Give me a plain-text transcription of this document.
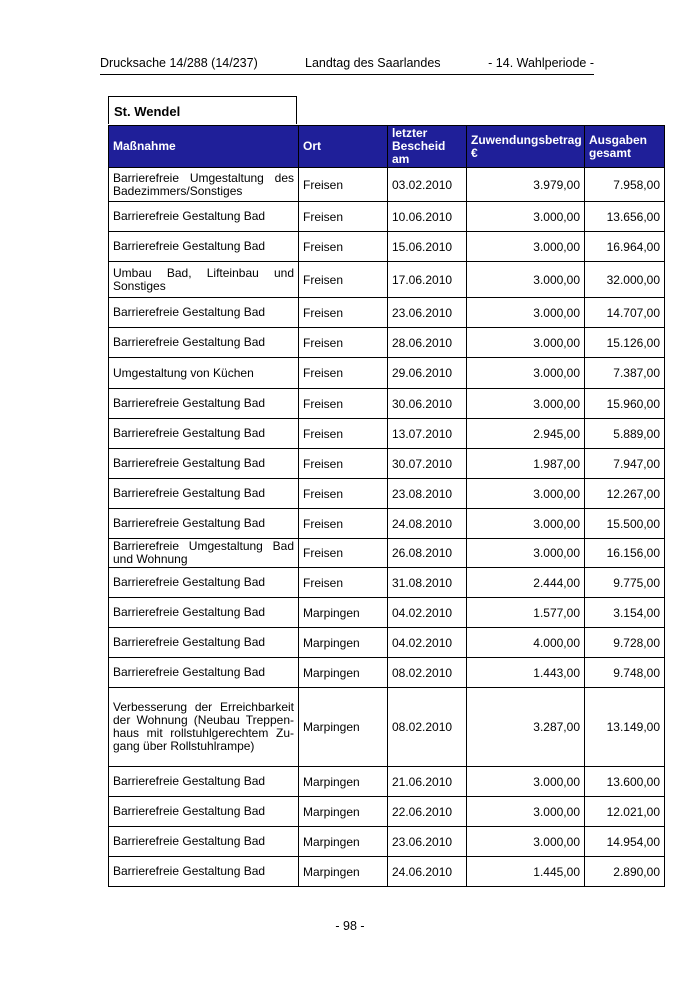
Drucksache 14/288 (14/237)	Landtag des Saarlandes	- 14. Wahlperiode -
St. Wendel
Maßnahme	Ort	letzter Bescheid am	Zuwendungsbetrag €	Ausgaben gesamt
Barrierefreie Umgestaltung des Badezimmers/Sonstiges	Freisen	03.02.2010	3.979,00	7.958,00
Barrierefreie Gestaltung Bad	Freisen	10.06.2010	3.000,00	13.656,00
Barrierefreie Gestaltung Bad	Freisen	15.06.2010	3.000,00	16.964,00
Umbau Bad, Lifteinbau und Sonstiges	Freisen	17.06.2010	3.000,00	32.000,00
Barrierefreie Gestaltung Bad	Freisen	23.06.2010	3.000,00	14.707,00
Barrierefreie Gestaltung Bad	Freisen	28.06.2010	3.000,00	15.126,00
Umgestaltung von Küchen	Freisen	29.06.2010	3.000,00	7.387,00
Barrierefreie Gestaltung Bad	Freisen	30.06.2010	3.000,00	15.960,00
Barrierefreie Gestaltung Bad	Freisen	13.07.2010	2.945,00	5.889,00
Barrierefreie Gestaltung Bad	Freisen	30.07.2010	1.987,00	7.947,00
Barrierefreie Gestaltung Bad	Freisen	23.08.2010	3.000,00	12.267,00
Barrierefreie Gestaltung Bad	Freisen	24.08.2010	3.000,00	15.500,00
Barrierefreie Umgestaltung Bad und Wohnung	Freisen	26.08.2010	3.000,00	16.156,00
Barrierefreie Gestaltung Bad	Freisen	31.08.2010	2.444,00	9.775,00
Barrierefreie Gestaltung Bad	Marpingen	04.02.2010	1.577,00	3.154,00
Barrierefreie Gestaltung Bad	Marpingen	04.02.2010	4.000,00	9.728,00
Barrierefreie Gestaltung Bad	Marpingen	08.02.2010	1.443,00	9.748,00
Verbesserung der Erreichbarkeit der Wohnung (Neubau Treppen-haus mit rollstuhlgerechtem Zu-gang über Rollstuhlrampe)	Marpingen	08.02.2010	3.287,00	13.149,00
Barrierefreie Gestaltung Bad	Marpingen	21.06.2010	3.000,00	13.600,00
Barrierefreie Gestaltung Bad	Marpingen	22.06.2010	3.000,00	12.021,00
Barrierefreie Gestaltung Bad	Marpingen	23.06.2010	3.000,00	14.954,00
Barrierefreie Gestaltung Bad	Marpingen	24.06.2010	1.445,00	2.890,00
- 98 -
